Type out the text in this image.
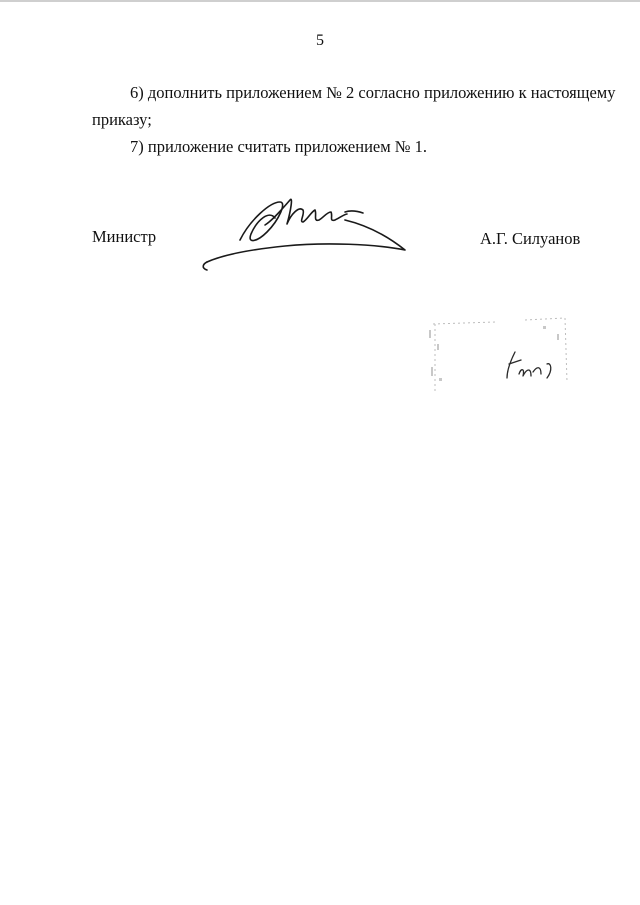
5
6) дополнить приложением № 2 согласно приложению к настоящему
приказу;
7) приложение считать приложением № 1.
Министр	А.Г. Силуанов
